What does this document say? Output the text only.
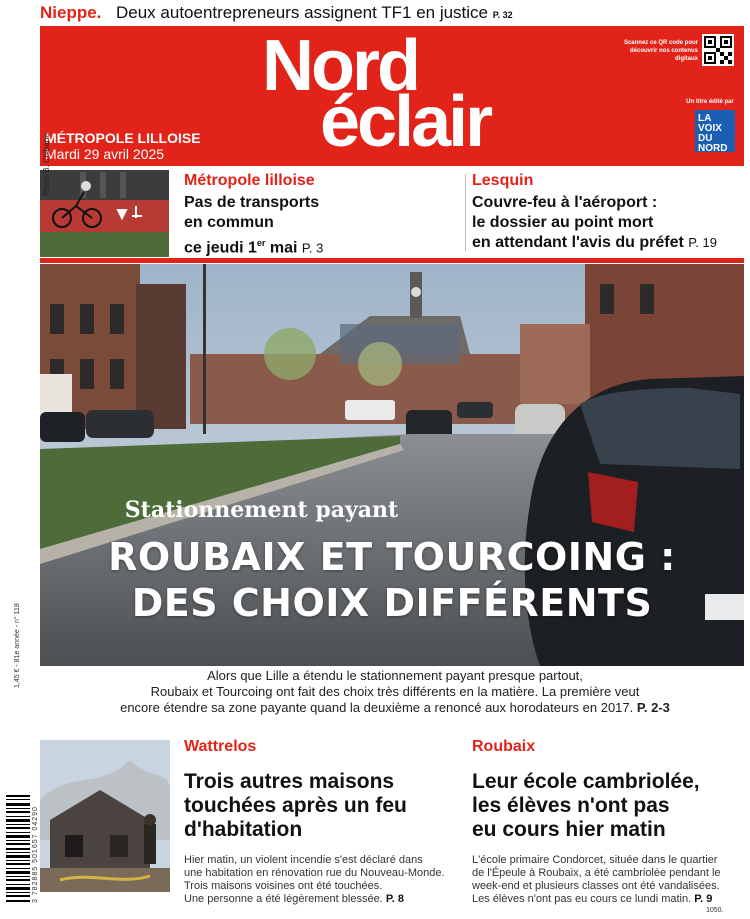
Nieppe. Deux autoentrepreneurs assignent TF1 en justice P. 32
Nord
éclair
MÉTROPOLE LILLOISE
Mardi 29 avril 2025
Scannez ce QR code pour découvrir nos contenus digitaux
Un titre édité par
LA VOIX DU NORD
Photo B. Chibane	Métropole lilloise
Pas de transports
en commun
ce jeudi 1er mai P. 3
Lesquin
Couvre-feu à l'aéroport :
le dossier au point mort
en attendant l'avis du préfet P. 19
Stationnement payant
ROUBAIX ET TOURCOING :
DES CHOIX DIFFÉRENTS
Alors que Lille a étendu le stationnement payant presque partout,
Roubaix et Tourcoing ont fait des choix très différents en la matière. La première veut
encore étendre sa zone payante quand la deuxième a renoncé aux horodateurs en 2017. P. 2-3
1,45 € - 81e année - n° 118
3 782885 501657 04290
Wattrelos
Trois autres maisons
touchées après un feu
d'habitation
Hier matin, un violent incendie s'est déclaré dans
une habitation en rénovation rue du Nouveau-Monde.
Trois maisons voisines ont été touchées.
Une personne a été légèrement blessée. P. 8
Roubaix
Leur école cambriolée,
les élèves n'ont pas
eu cours hier matin
L'école primaire Condorcet, située dans le quartier
de l'Épeule à Roubaix, a été cambriolée pendant le
week-end et plusieurs classes ont été vandalisées.
Les élèves n'ont pas eu cours ce lundi matin. P. 9
1050.
